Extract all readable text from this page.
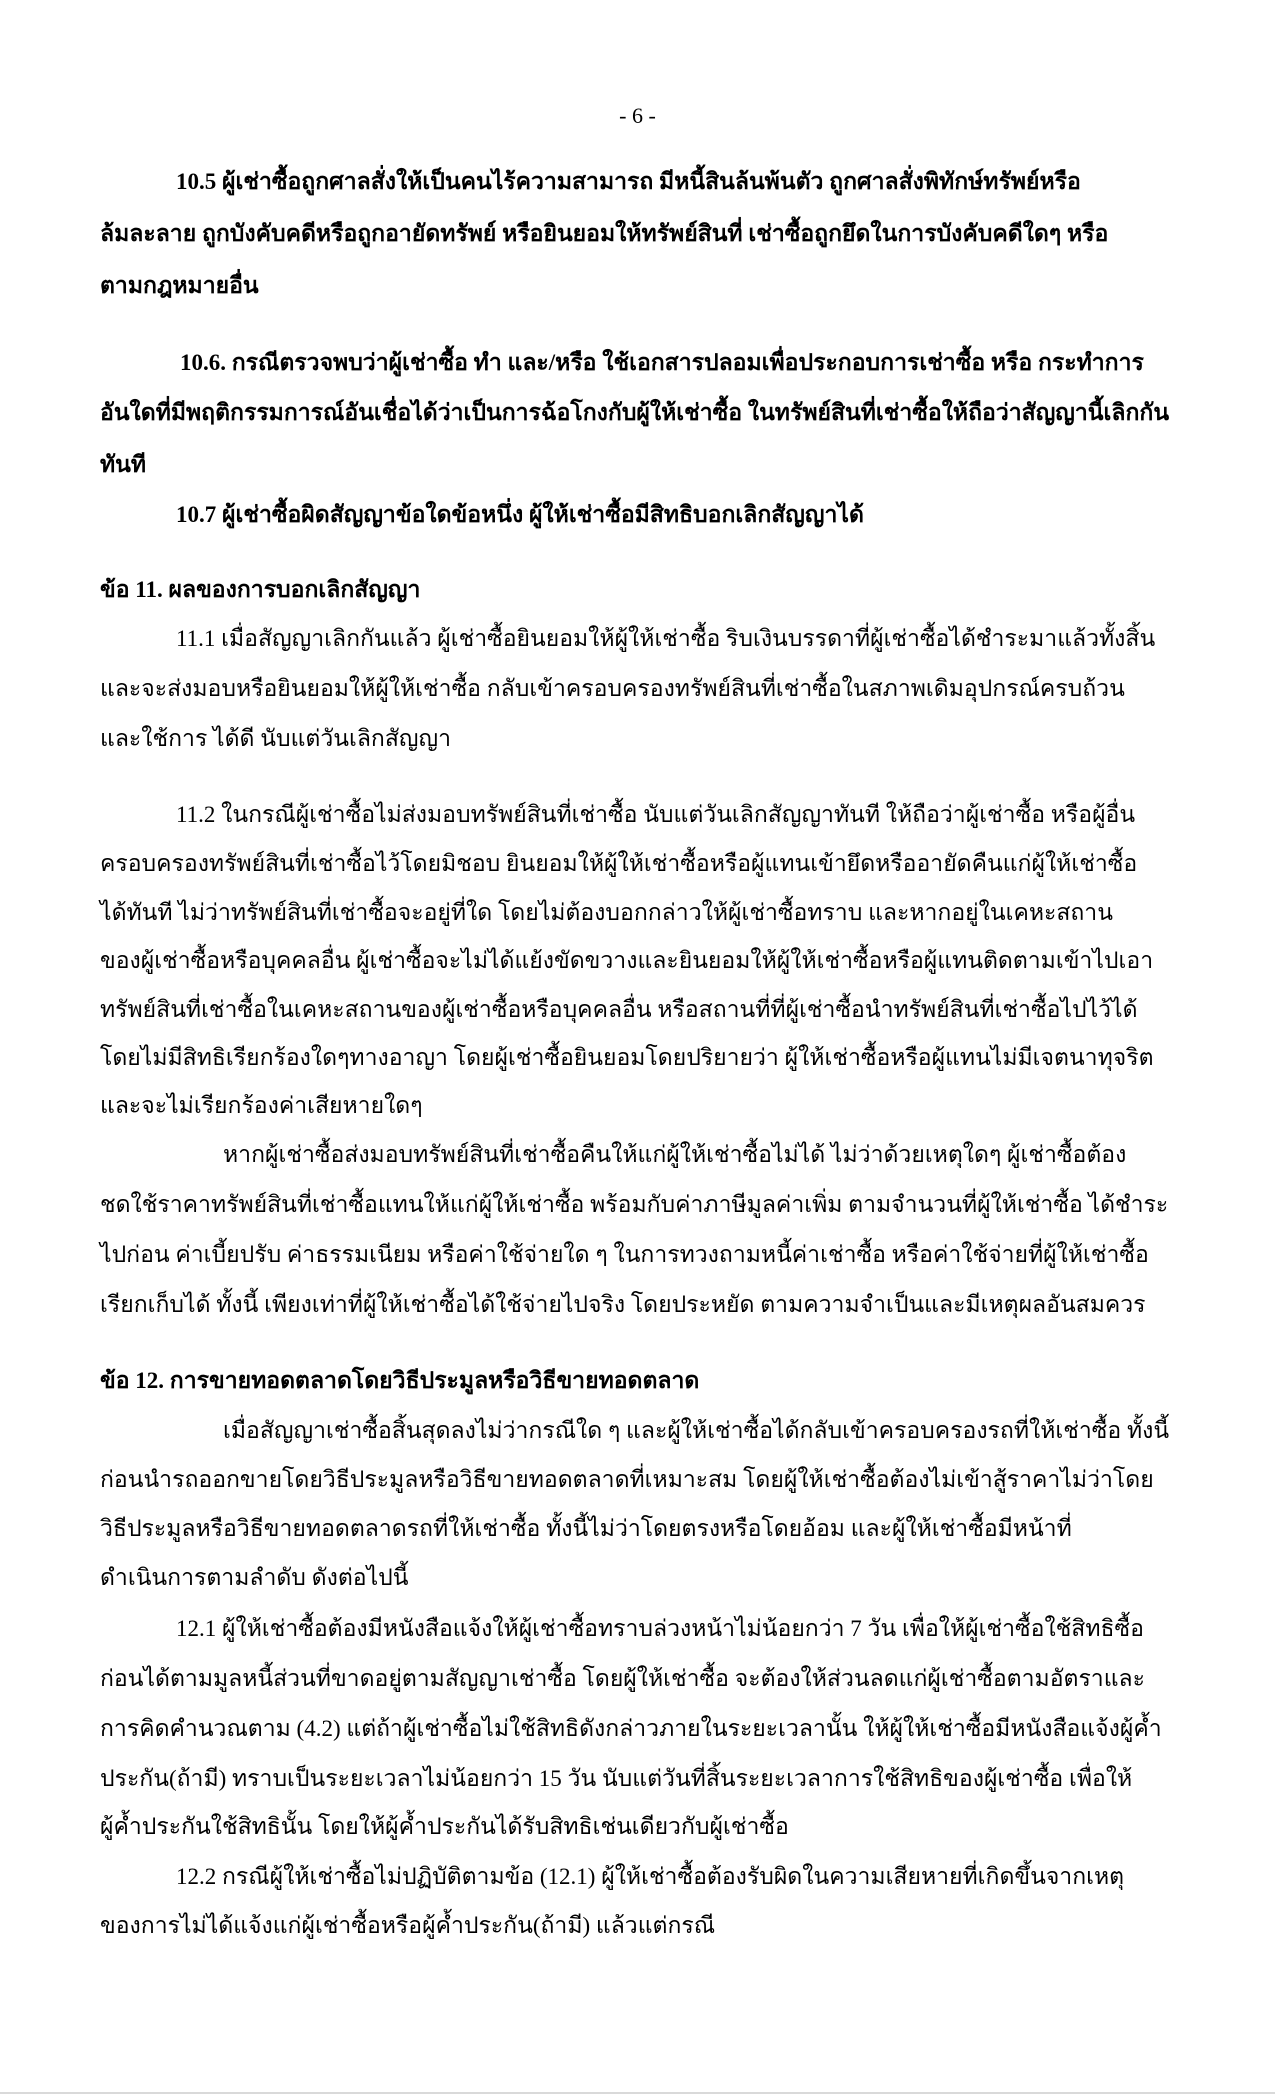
- 6 -
10.5 ผู้เช่าซื้อถูกศาลสั่งให้เป็นคนไร้ความสามารถ มีหนี้สินล้นพ้นตัว ถูกศาลสั่งพิทักษ์ทรัพย์หรือ
ล้มละลาย ถูกบังคับคดีหรือถูกอายัดทรัพย์ หรือยินยอมให้ทรัพย์สินที่ เช่าซื้อถูกยึดในการบังคับคดีใดๆ หรือ
ตามกฎหมายอื่น
10.6. กรณีตรวจพบว่าผู้เช่าซื้อ ทำ และ/หรือ ใช้เอกสารปลอมเพื่อประกอบการเช่าซื้อ หรือ กระทำการ
อันใดที่มีพฤติกรรมการณ์อันเชื่อได้ว่าเป็นการฉ้อโกงกับผู้ให้เช่าซื้อ ในทรัพย์สินที่เช่าซื้อให้ถือว่าสัญญานี้เลิกกัน
ทันที
10.7 ผู้เช่าซื้อผิดสัญญาข้อใดข้อหนึ่ง ผู้ให้เช่าซื้อมีสิทธิบอกเลิกสัญญาได้
ข้อ 11. ผลของการบอกเลิกสัญญา
11.1 เมื่อสัญญาเลิกกันแล้ว ผู้เช่าซื้อยินยอมให้ผู้ให้เช่าซื้อ ริบเงินบรรดาที่ผู้เช่าซื้อได้ชำระมาแล้วทั้งสิ้น
และจะส่งมอบหรือยินยอมให้ผู้ให้เช่าซื้อ กลับเข้าครอบครองทรัพย์สินที่เช่าซื้อในสภาพเดิมอุปกรณ์ครบถ้วน
และใช้การ ได้ดี นับแต่วันเลิกสัญญา
11.2 ในกรณีผู้เช่าซื้อไม่ส่งมอบทรัพย์สินที่เช่าซื้อ นับแต่วันเลิกสัญญาทันที ให้ถือว่าผู้เช่าซื้อ หรือผู้อื่น
ครอบครองทรัพย์สินที่เช่าซื้อไว้โดยมิชอบ ยินยอมให้ผู้ให้เช่าซื้อหรือผู้แทนเข้ายึดหรืออายัดคืนแก่ผู้ให้เช่าซื้อ
ได้ทันที ไม่ว่าทรัพย์สินที่เช่าซื้อจะอยู่ที่ใด โดยไม่ต้องบอกกล่าวให้ผู้เช่าซื้อทราบ และหากอยู่ในเคหะสถาน
ของผู้เช่าซื้อหรือบุคคลอื่น ผู้เช่าซื้อจะไม่ได้แย้งขัดขวางและยินยอมให้ผู้ให้เช่าซื้อหรือผู้แทนติดตามเข้าไปเอา
ทรัพย์สินที่เช่าซื้อในเคหะสถานของผู้เช่าซื้อหรือบุคคลอื่น หรือสถานที่ที่ผู้เช่าซื้อนำทรัพย์สินที่เช่าซื้อไปไว้ได้
โดยไม่มีสิทธิเรียกร้องใดๆทางอาญา โดยผู้เช่าซื้อยินยอมโดยปริยายว่า ผู้ให้เช่าซื้อหรือผู้แทนไม่มีเจตนาทุจริต
และจะไม่เรียกร้องค่าเสียหายใดๆ
หากผู้เช่าซื้อส่งมอบทรัพย์สินที่เช่าซื้อคืนให้แก่ผู้ให้เช่าซื้อไม่ได้ ไม่ว่าด้วยเหตุใดๆ ผู้เช่าซื้อต้อง
ชดใช้ราคาทรัพย์สินที่เช่าซื้อแทนให้แก่ผู้ให้เช่าซื้อ พร้อมกับค่าภาษีมูลค่าเพิ่ม ตามจำนวนที่ผู้ให้เช่าซื้อ ได้ชำระ
ไปก่อน ค่าเบี้ยปรับ ค่าธรรมเนียม หรือค่าใช้จ่ายใด ๆ ในการทวงถามหนี้ค่าเช่าซื้อ หรือค่าใช้จ่ายที่ผู้ให้เช่าซื้อ
เรียกเก็บได้ ทั้งนี้ เพียงเท่าที่ผู้ให้เช่าซื้อได้ใช้จ่ายไปจริง โดยประหยัด ตามความจำเป็นและมีเหตุผลอันสมควร
ข้อ 12. การขายทอดตลาดโดยวิธีประมูลหรือวิธีขายทอดตลาด
เมื่อสัญญาเช่าซื้อสิ้นสุดลงไม่ว่ากรณีใด ๆ และผู้ให้เช่าซื้อได้กลับเข้าครอบครองรถที่ให้เช่าซื้อ ทั้งนี้
ก่อนนำรถออกขายโดยวิธีประมูลหรือวิธีขายทอดตลาดที่เหมาะสม โดยผู้ให้เช่าซื้อต้องไม่เข้าสู้ราคาไม่ว่าโดย
วิธีประมูลหรือวิธีขายทอดตลาดรถที่ให้เช่าซื้อ ทั้งนี้ไม่ว่าโดยตรงหรือโดยอ้อม และผู้ให้เช่าซื้อมีหน้าที่
ดำเนินการตามลำดับ ดังต่อไปนี้
12.1 ผู้ให้เช่าซื้อต้องมีหนังสือแจ้งให้ผู้เช่าซื้อทราบล่วงหน้าไม่น้อยกว่า 7 วัน เพื่อให้ผู้เช่าซื้อใช้สิทธิซื้อ
ก่อนได้ตามมูลหนี้ส่วนที่ขาดอยู่ตามสัญญาเช่าซื้อ โดยผู้ให้เช่าซื้อ จะต้องให้ส่วนลดแก่ผู้เช่าซื้อตามอัตราและ
การคิดคำนวณตาม (4.2) แต่ถ้าผู้เช่าซื้อไม่ใช้สิทธิดังกล่าวภายในระยะเวลานั้น ให้ผู้ให้เช่าซื้อมีหนังสือแจ้งผู้ค้ำ
ประกัน(ถ้ามี) ทราบเป็นระยะเวลาไม่น้อยกว่า 15 วัน นับแต่วันที่สิ้นระยะเวลาการใช้สิทธิของผู้เช่าซื้อ เพื่อให้
ผู้ค้ำประกันใช้สิทธินั้น โดยให้ผู้ค้ำประกันได้รับสิทธิเช่นเดียวกับผู้เช่าซื้อ
12.2 กรณีผู้ให้เช่าซื้อไม่ปฏิบัติตามข้อ (12.1) ผู้ให้เช่าซื้อต้องรับผิดในความเสียหายที่เกิดขึ้นจากเหตุ
ของการไม่ได้แจ้งแก่ผู้เช่าซื้อหรือผู้ค้ำประกัน(ถ้ามี) แล้วแต่กรณี
